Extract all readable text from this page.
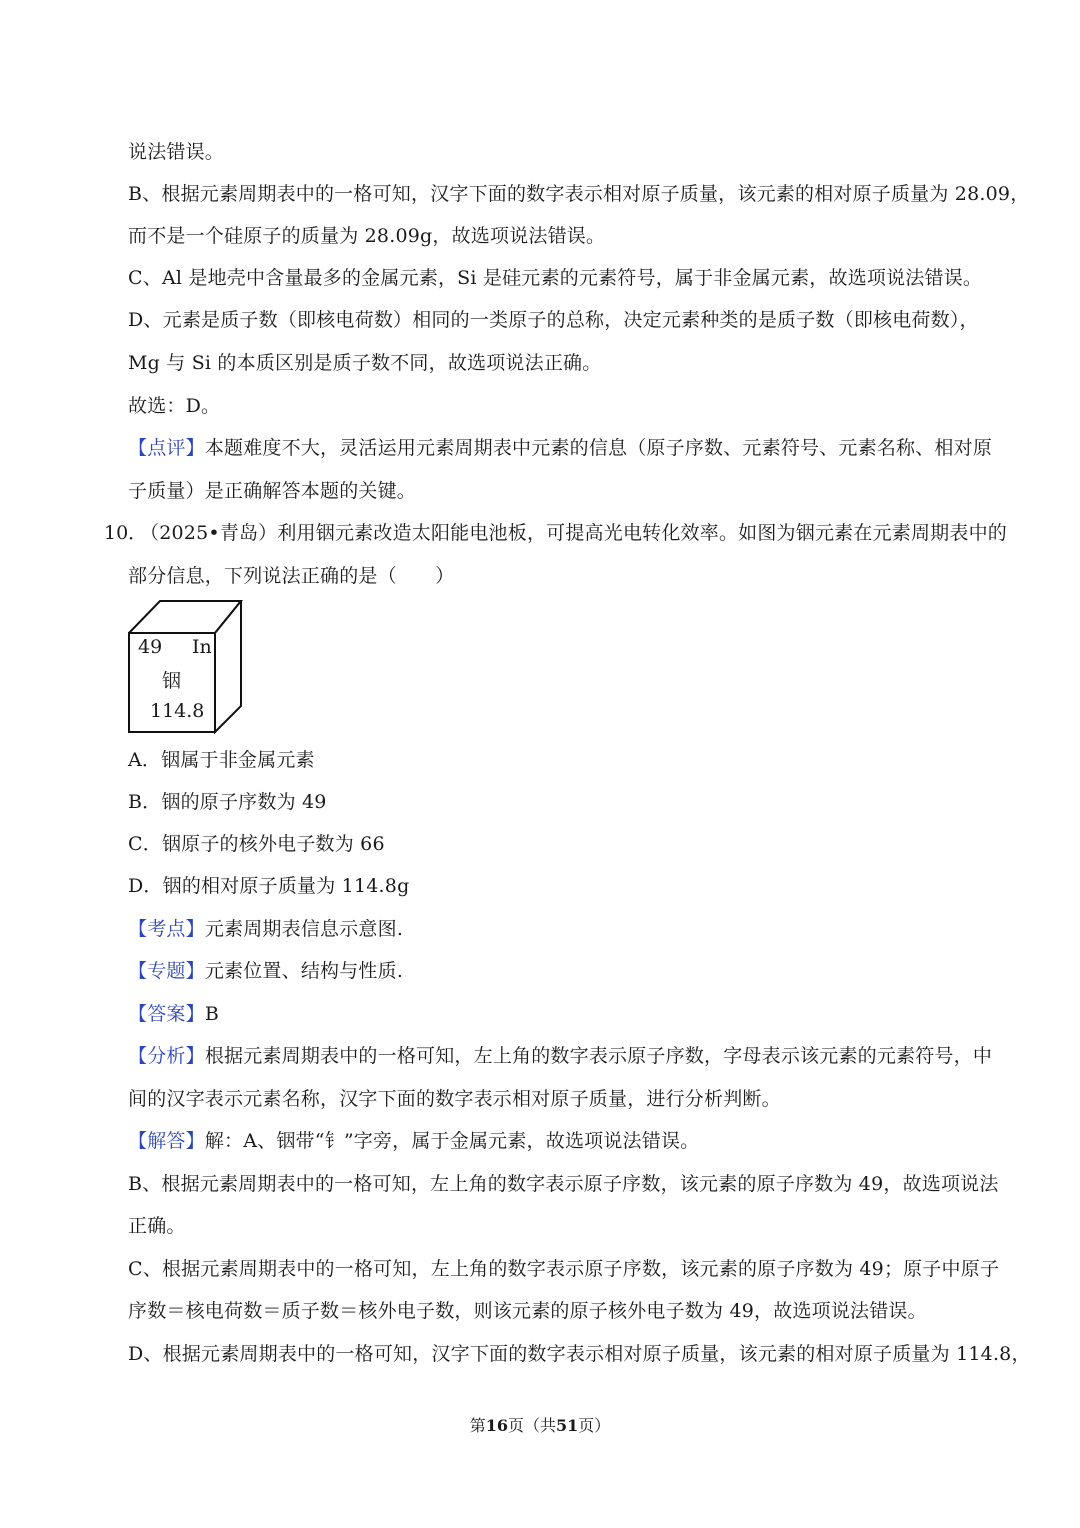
说法错误。
B、根据元素周期表中的一格可知，汉字下面的数字表示相对原子质量，该元素的相对原子质量为 28.09，
而不是一个硅原子的质量为 28.09g，故选项说法错误。
C、Al 是地壳中含量最多的金属元素，Si 是硅元素的元素符号，属于非金属元素，故选项说法错误。
D、元素是质子数（即核电荷数）相同的一类原子的总称，决定元素种类的是质子数（即核电荷数），
Mg 与 Si 的本质区别是质子数不同，故选项说法正确。
故选：D。
【点评】本题难度不大，灵活运用元素周期表中元素的信息（原子序数、元素符号、元素名称、相对原
子质量）是正确解答本题的关键。
10．
（2025•青岛）利用铟元素改造太阳能电池板，可提高光电转化效率。如图为铟元素在元素周期表中的
部分信息，下列说法正确的是（　　）
49 In
铟
114.8
A．铟属于非金属元素
B．铟的原子序数为 49
C．铟原子的核外电子数为 66
D．铟的相对原子质量为 114.8g
【考点】元素周期表信息示意图.
【专题】元素位置、结构与性质.
【答案】B
【分析】根据元素周期表中的一格可知，左上角的数字表示原子序数，字母表示该元素的元素符号，中
间的汉字表示元素名称，汉字下面的数字表示相对原子质量，进行分析判断。
【解答】解：A、铟带“钅”字旁，属于金属元素，故选项说法错误。
B、根据元素周期表中的一格可知，左上角的数字表示原子序数，该元素的原子序数为 49，故选项说法
正确。
C、根据元素周期表中的一格可知，左上角的数字表示原子序数，该元素的原子序数为 49；原子中原子
序数＝核电荷数＝质子数＝核外电子数，则该元素的原子核外电子数为 49，故选项说法错误。
D、根据元素周期表中的一格可知，汉字下面的数字表示相对原子质量，该元素的相对原子质量为 114.8，
第16页（共51页）
